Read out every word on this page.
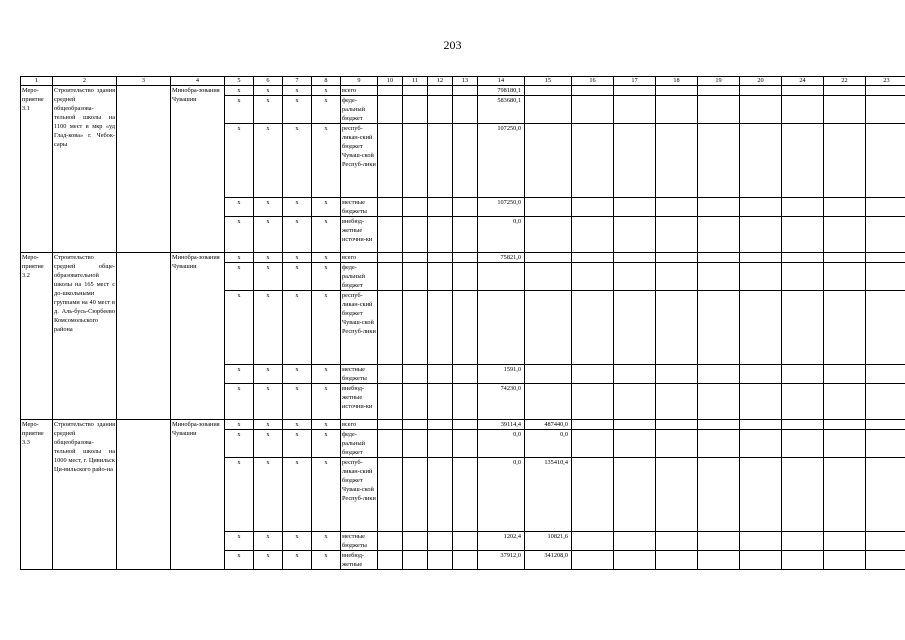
203
1	2	3	4	5	6	7	8	9	10	11	12	13	14	15	16	17	18	19	20	24	22	23
Меро-приятие 3.1	Строительство здания средней общеобразова-тельной школы на 1100 мест в мкр «уд Глад-кова» г. Чебок-сары		Минобра-зования Чувашии	x	x	x	x	всего					798180,1									
				x	x	x	x	феде-ральный бюджет					583680,1									
				x	x	x	x	респуб-ликан-ский бюджет Чуваш-ской Респуб-лики					107250,0									
				x	x	x	x	местные бюджеты					107250,0									
				x	x	x	x	внебюд-жетные источни-ки					0,0									
Меро-приятие 3.2	Строительство средней обще-образовательной школы на 165 мест с до-школьными группами на 40 мест в д. Аль-бусь-Сюрбеево Комсомольского района		Минобра-зования Чувашии	x	x	x	x	всего					75821,0									
				x	x	x	x	феде-ральный бюджет														
				x	x	x	x	респуб-ликан-ский бюджет Чуваш-ской Респуб-лики														
				x	x	x	x	местные бюджеты					1591,0									
				x	x	x	x	внебюд-жетные источни-ки					74230,0									
Меро-приятие 3.3	Строительство здания средней общеобразова-тельной школы на 1000 мест, г. Цивильск Ци-вильского райо-на		Минобра-зования Чувашии	x	x	x	x	всего					39114,4	487440,0								
				x	x	x	x	феде-ральный бюджет					0,0	0,0								
				x	x	x	x	респуб-ликан-ский бюджет Чуваш-ской Респуб-лики					0,0	135410,4								
				x	x	x	x	местные бюджеты					1202,4	10821,6								
				x	x	x	x	внебюд-жетные					37912,0	341208,0								
